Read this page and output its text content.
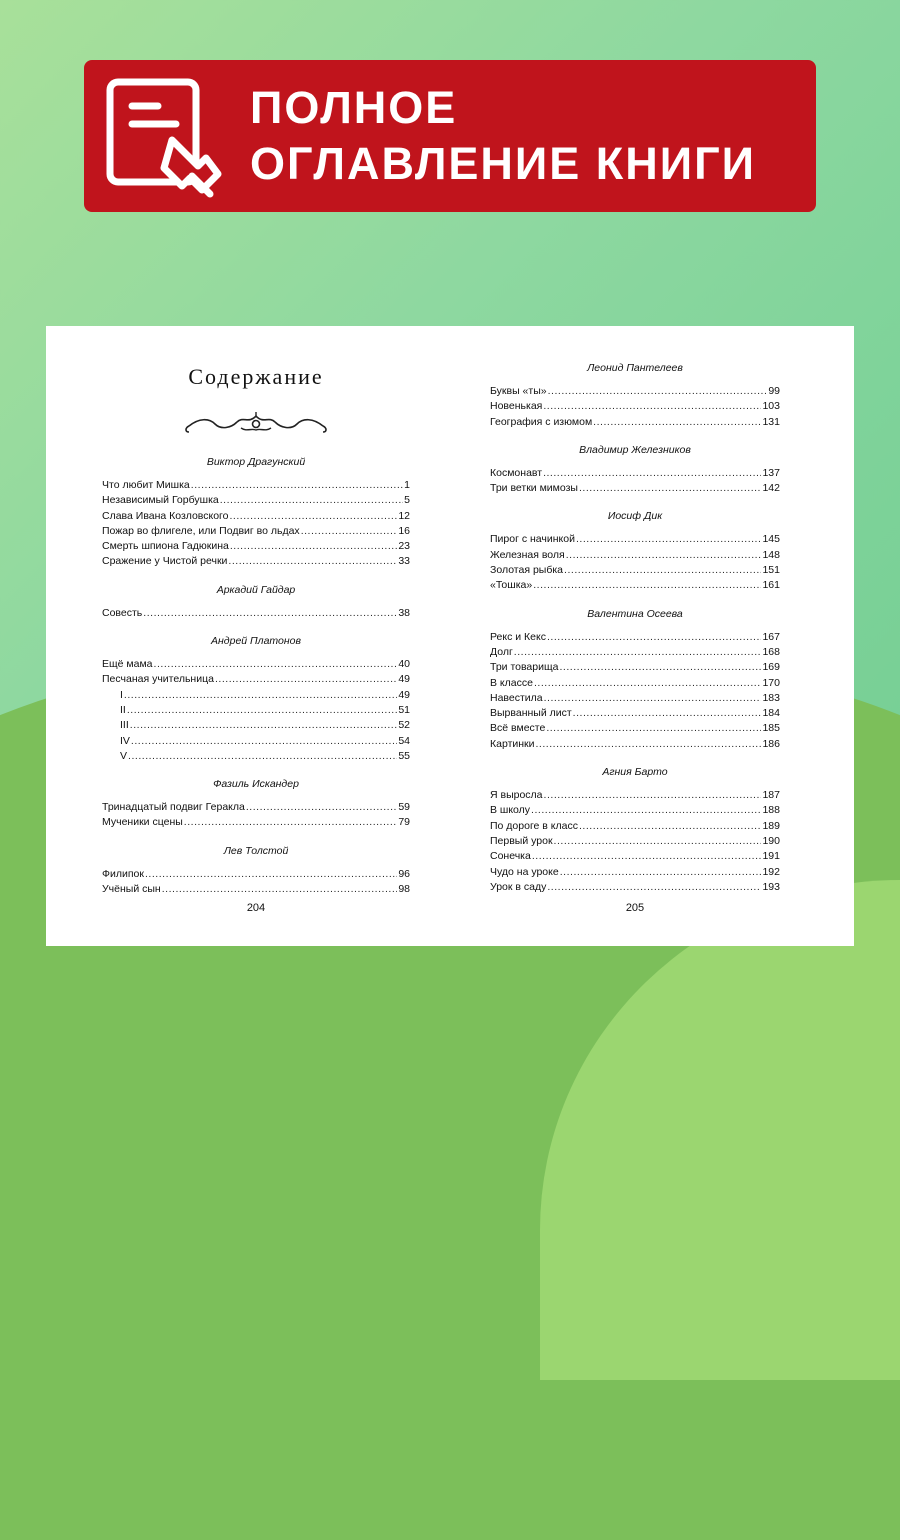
ПОЛНОЕ
ОГЛАВЛЕНИЕ КНИГИ
Содержание
Виктор Драгунский
Что любит Мишка . . .	1
Независимый Горбушка . . .	5
Слава Ивана Козловского . . .	12
Пожар во флигеле, или Подвиг во льдах . . .	16
Смерть шпиона Гадюкина . . .	23
Сражение у Чистой речки . . .	33
Аркадий Гайдар
Совесть . . .	38
Андрей Платонов
Ещё мама . . .	40
Песчаная учительница . . .	49
I . . .	49
II . . .	51
III . . .	52
IV . . .	54
V . . .	55
Фазиль Искандер
Тринадцатый подвиг Геракла . . .	59
Мученики сцены . . .	79
Лев Толстой
Филипок . . .	96
Учёный сын . . .	98
204
Леонид Пантелеев
Буквы «ты» . . .	99
Новенькая . . .	103
География с изюмом . . .	131
Владимир Железников
Космонавт . . .	137
Три ветки мимозы . . .	142
Иосиф Дик
Пирог с начинкой . . .	145
Железная воля . . .	148
Золотая рыбка . . .	151
«Тошка» . . .	161
Валентина Осеева
Рекс и Кекс . . .	167
Долг . . .	168
Три товарища . . .	169
В классе . . .	170
Навестила . . .	183
Вырванный лист . . .	184
Всё вместе . . .	185
Картинки . . .	186
Агния Барто
Я выросла . . .	187
В школу . . .	188
По дороге в класс . . .	189
Первый урок . . .	190
Сонечка . . .	191
Чудо на уроке . . .	192
Урок в саду . . .	193
205
